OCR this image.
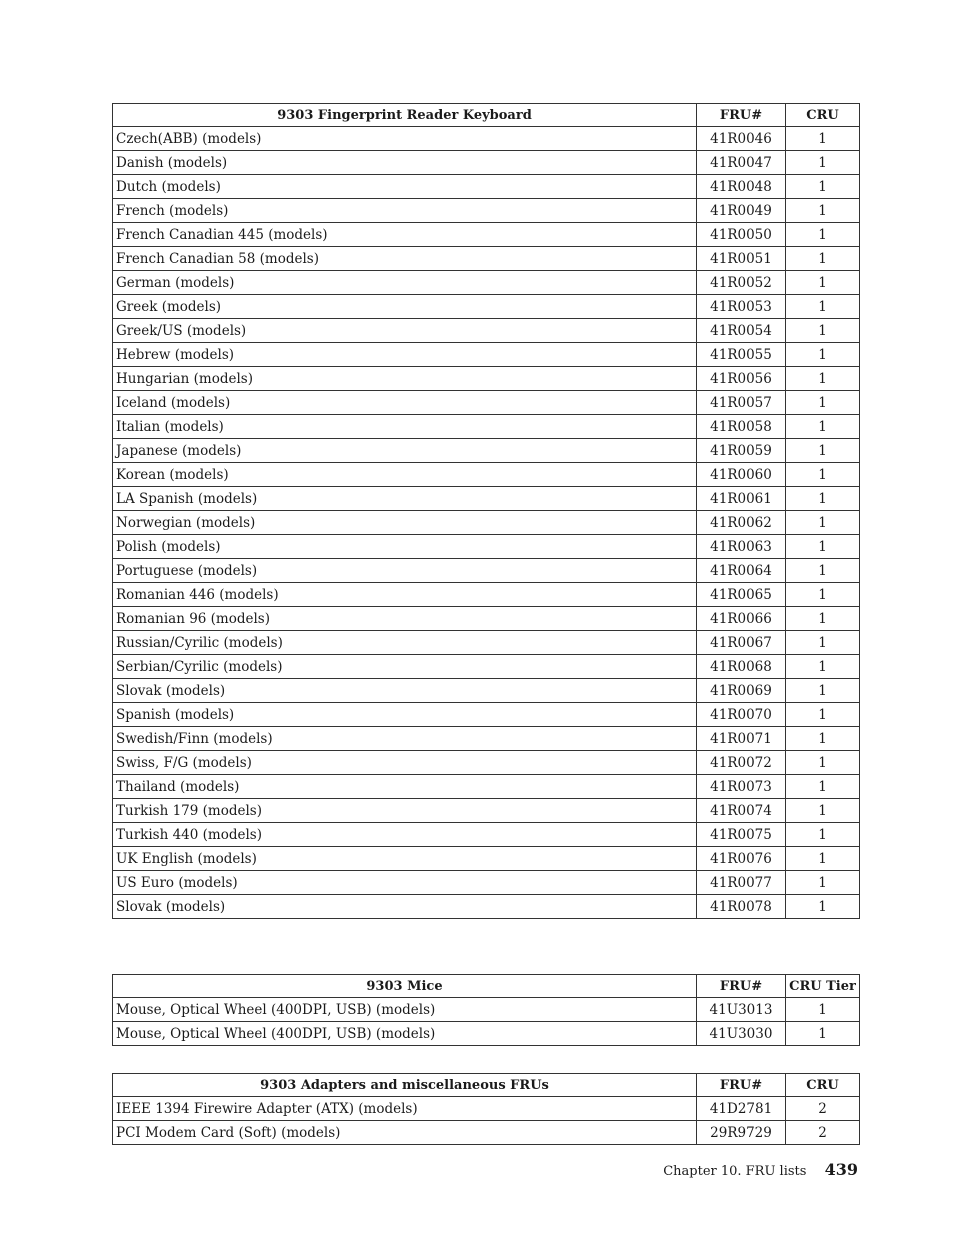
9303 Fingerprint Reader Keyboard	FRU#	CRU
Czech(ABB) (models)	41R0046	1
Danish (models)	41R0047	1
Dutch (models)	41R0048	1
French (models)	41R0049	1
French Canadian 445 (models)	41R0050	1
French Canadian 58 (models)	41R0051	1
German (models)	41R0052	1
Greek (models)	41R0053	1
Greek/US (models)	41R0054	1
Hebrew (models)	41R0055	1
Hungarian (models)	41R0056	1
Iceland (models)	41R0057	1
Italian (models)	41R0058	1
Japanese (models)	41R0059	1
Korean (models)	41R0060	1
LA Spanish (models)	41R0061	1
Norwegian (models)	41R0062	1
Polish (models)	41R0063	1
Portuguese (models)	41R0064	1
Romanian 446 (models)	41R0065	1
Romanian 96 (models)	41R0066	1
Russian/Cyrilic (models)	41R0067	1
Serbian/Cyrilic (models)	41R0068	1
Slovak (models)	41R0069	1
Spanish (models)	41R0070	1
Swedish/Finn (models)	41R0071	1
Swiss, F/G (models)	41R0072	1
Thailand (models)	41R0073	1
Turkish 179 (models)	41R0074	1
Turkish 440 (models)	41R0075	1
UK English (models)	41R0076	1
US Euro (models)	41R0077	1
Slovak (models)	41R0078	1
9303 Mice	FRU#	CRU Tier
Mouse, Optical Wheel (400DPI, USB) (models)	41U3013	1
Mouse, Optical Wheel (400DPI, USB) (models)	41U3030	1
9303 Adapters and miscellaneous FRUs	FRU#	CRU
IEEE 1394 Firewire Adapter (ATX) (models)	41D2781	2
PCI Modem Card (Soft) (models)	29R9729	2
Chapter 10. FRU lists 439
